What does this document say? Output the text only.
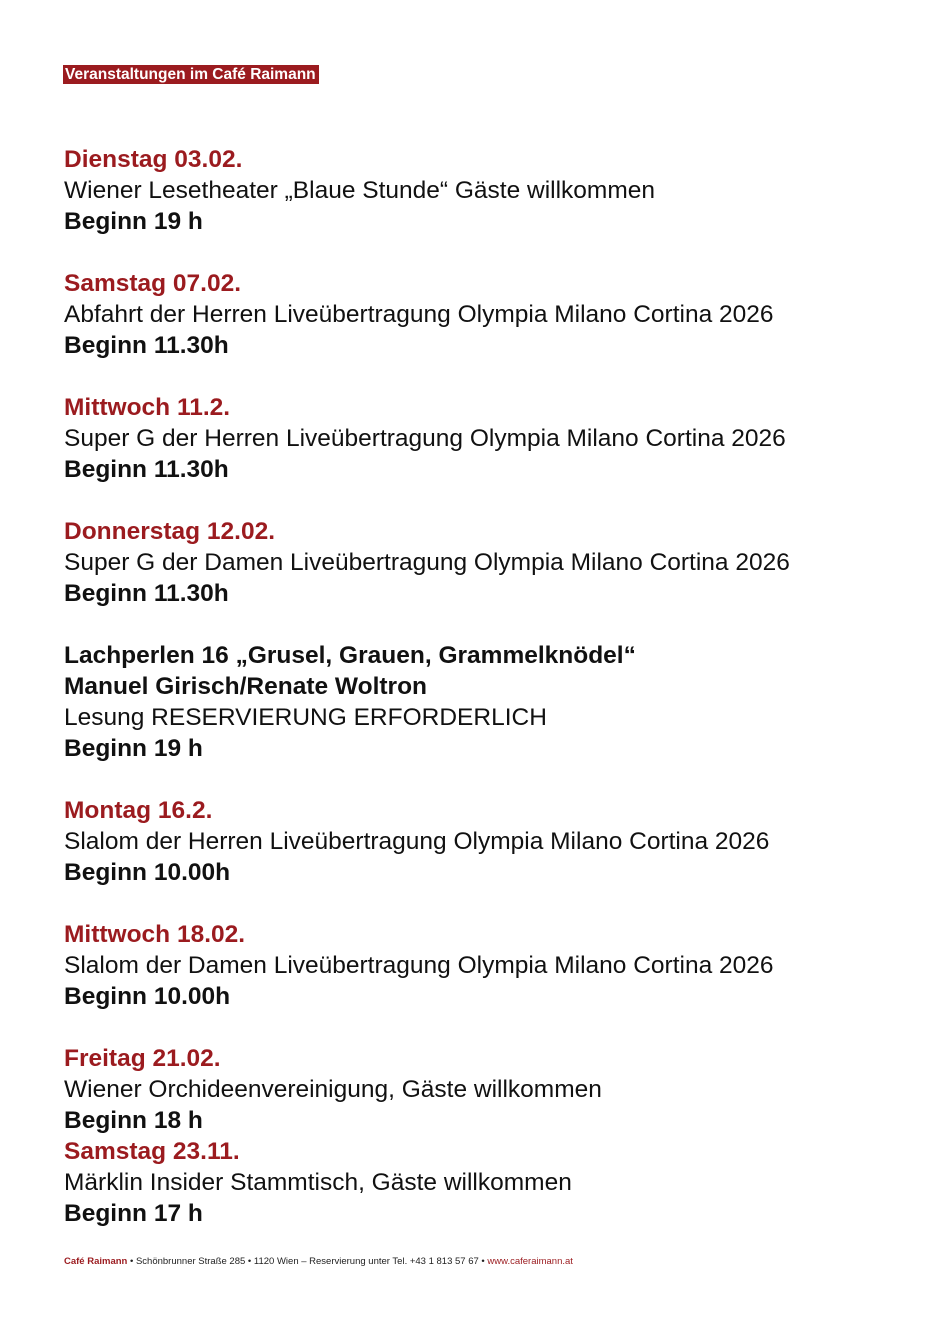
Veranstaltungen im Café Raimann
Dienstag 03.02.
Wiener Lesetheater „Blaue Stunde“ Gäste willkommen
Beginn 19 h
Samstag 07.02.
Abfahrt der Herren Liveübertragung Olympia Milano Cortina 2026
Beginn 11.30h
Mittwoch 11.2.
Super G der Herren Liveübertragung Olympia Milano Cortina 2026
Beginn 11.30h
Donnerstag 12.02.
Super G der Damen Liveübertragung Olympia Milano Cortina 2026
Beginn 11.30h
Lachperlen 16 „Grusel, Grauen, Grammelknödel“
Manuel Girisch/Renate Woltron
Lesung RESERVIERUNG ERFORDERLICH
Beginn 19 h
Montag 16.2.
Slalom der Herren Liveübertragung Olympia Milano Cortina 2026
Beginn 10.00h
Mittwoch 18.02.
Slalom der Damen Liveübertragung Olympia Milano Cortina 2026
Beginn 10.00h
Freitag 21.02.
Wiener Orchideenvereinigung, Gäste willkommen
Beginn 18 h
Samstag 23.11.
Märklin Insider Stammtisch, Gäste willkommen
Beginn 17 h
Café Raimann • Schönbrunner Straße 285 • 1120 Wien – Reservierung unter Tel. +43 1 813 57 67 • www.caferaimann.at
